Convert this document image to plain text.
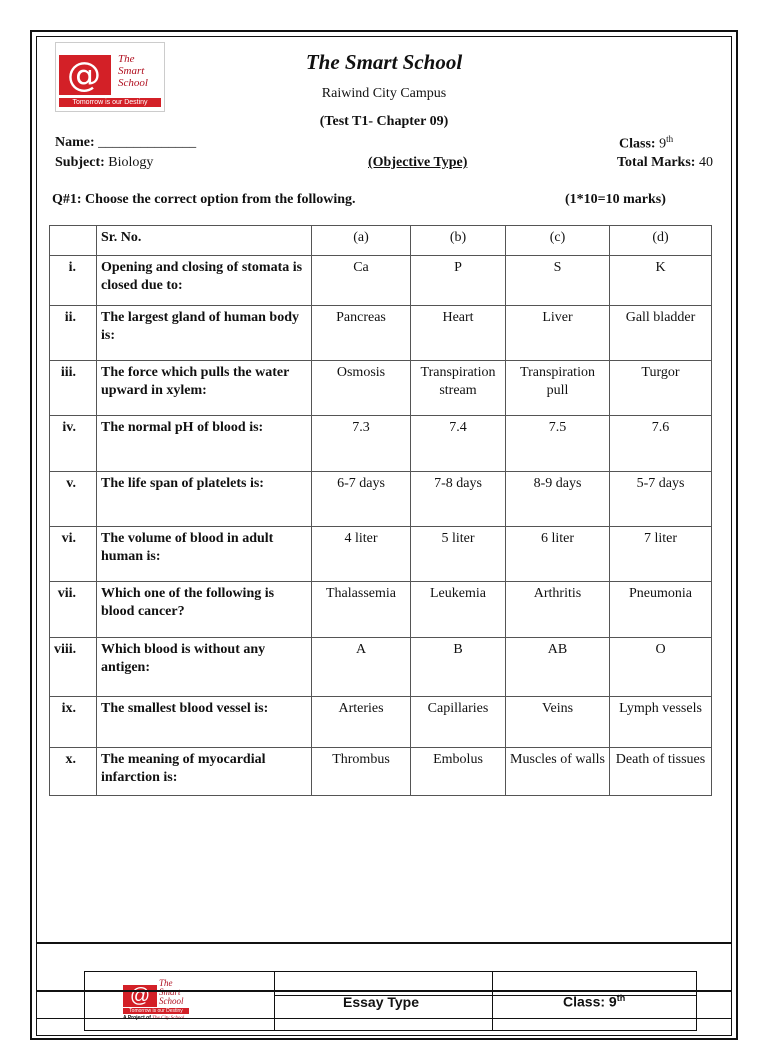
@ The
Smart
School
Tomorrow is our Destiny
The Smart School
Raiwind City Campus
(Test T1- Chapter 09)
Name: ______________
Subject: Biology	(Objective Type)
Class: 9th
Total Marks: 40
Q#1: Choose the correct option from the following.	(1*10=10 marks)
	Sr. No.	(a)	(b)	(c)	(d)
i.	Opening and closing of stomata is closed due to:	Ca	P	S	K
ii.	The largest gland of human body is:	Pancreas	Heart	Liver	Gall bladder
iii.	The force which pulls the water upward in xylem:	Osmosis	Transpiration stream	Transpiration pull	Turgor
iv.	The normal pH of blood is:	7.3	7.4	7.5	7.6
v.	The life span of platelets is:	6-7 days	7-8 days	8-9 days	5-7 days
vi.	The volume of blood in adult human is:	4 liter	5 liter	6 liter	7 liter
vii.	Which one of the following is blood cancer?	Thalassemia	Leukemia	Arthritis	Pneumonia
viii.	Which blood is without any antigen:	A	B	AB	O
ix.	The smallest blood vessel is:	Arteries	Capillaries	Veins	Lymph vessels
x.	The meaning of myocardial infarction is:	Thrombus	Embolus	Muscles of walls	Death of tissues
@
The Smart School
Tomorrow is our Destiny
A Project of The City School		

Essay Type	Class: 9th
